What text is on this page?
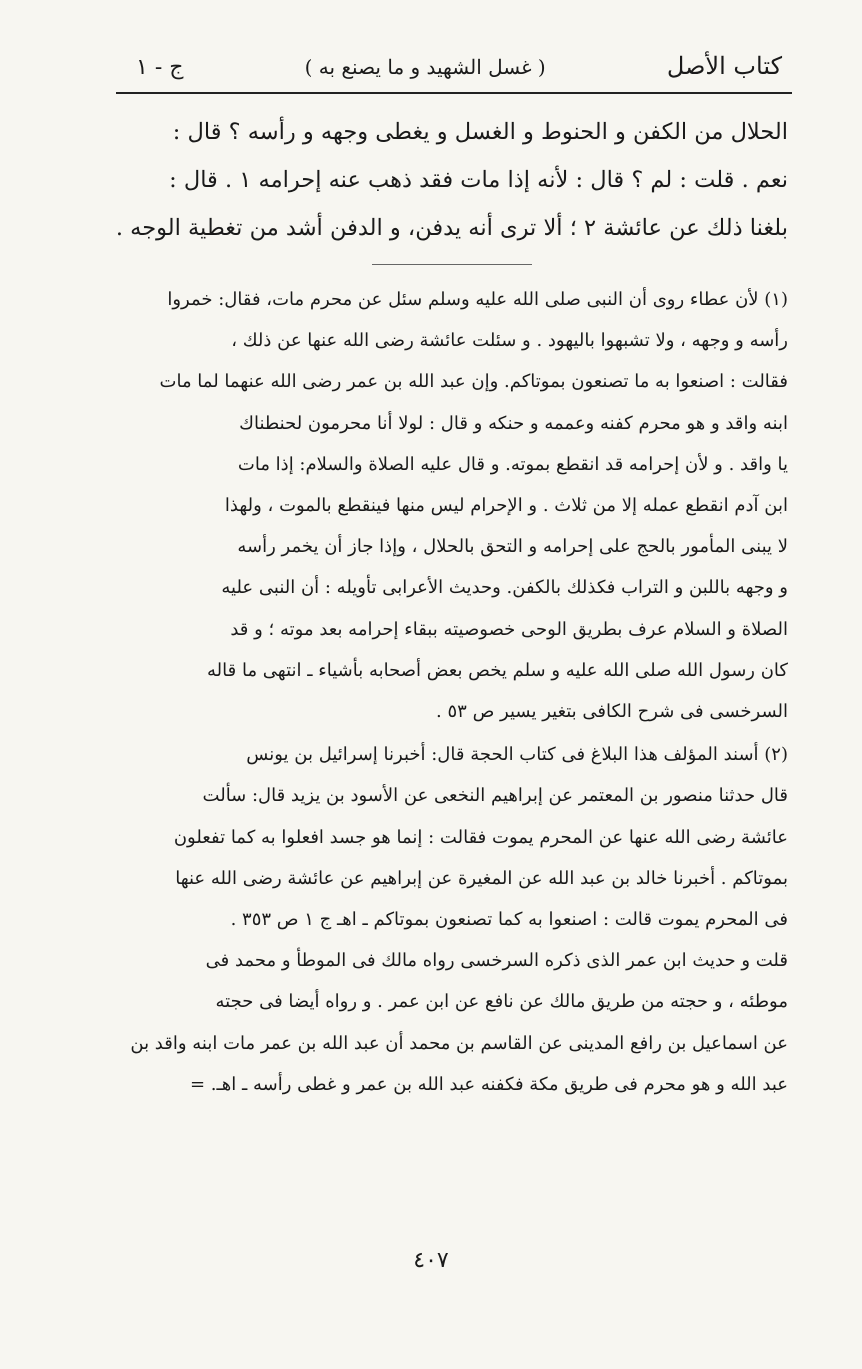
كتاب الأصل
( غسل الشهيد و ما يصنع به )
ج - ١

الحلال من الكفن و الحنوط و الغسل و يغطى وجهه و رأسه ؟ قال :

نعم . قلت : لم ؟ قال : لأنه إذا مات فقد ذهب عنه إحرامه ١ . قال :

بلغنا ذلك عن عائشة ٢ ؛ ألا ترى أنه يدفن، و الدفن أشد من تغطية الوجه .

(١) لأن عطاء روى أن النبى صلى الله عليه وسلم سئل عن محرم مات، فقال: خمروا

رأسه و وجهه ، ولا تشبهوا باليهود . و سئلت عائشة رضى الله عنها عن ذلك ،

فقالت : اصنعوا به ما تصنعون بموتاكم. وإن عبد الله بن عمر رضى الله عنهما لما مات

ابنه واقد و هو محرم كفنه وعممه و حنكه و قال : لولا أنا محرمون لحنطناك

يا واقد . و لأن إحرامه قد انقطع بموته. و قال عليه الصلاة والسلام: إذا مات

ابن آدم انقطع عمله إلا من ثلاث . و الإحرام ليس منها فينقطع بالموت ، ولهذا

لا يبنى المأمور بالحج على إحرامه و التحق بالحلال ، وإذا جاز أن يخمر رأسه

و وجهه باللبن و التراب فكذلك بالكفن. وحديث الأعرابى تأويله : أن النبى عليه

الصلاة و السلام عرف بطريق الوحى خصوصيته ببقاء إحرامه بعد موته ؛ و قد

كان رسول الله صلى الله عليه و سلم يخص بعض أصحابه بأشياء ـ انتهى ما قاله

السرخسى فى شرح الكافى بتغير يسير ص ٥٣ .

(٢) أسند المؤلف هذا البلاغ فى كتاب الحجة قال: أخبرنا إسرائيل بن يونس

قال حدثنا منصور بن المعتمر عن إبراهيم النخعى عن الأسود بن يزيد قال: سألت

عائشة رضى الله عنها عن المحرم يموت فقالت : إنما هو جسد افعلوا به كما تفعلون

بموتاكم . أخبرنا خالد بن عبد الله عن المغيرة عن إبراهيم عن عائشة رضى الله عنها

فى المحرم يموت قالت : اصنعوا به كما تصنعون بموتاكم ـ اهـ ج ١ ص ٣٥٣ .

قلت و حديث ابن عمر الذى ذكره السرخسى رواه مالك فى الموطأ و محمد فى

موطئه ، و حجته من طريق مالك عن نافع عن ابن عمر . و رواه أيضا فى حجته

عن اسماعيل بن رافع المدينى عن القاسم بن محمد أن عبد الله بن عمر مات ابنه واقد بن

عبد الله و هو محرم فى طريق مكة فكفنه عبد الله بن عمر و غطى رأسه ـ اهـ. =

٤٠٧
